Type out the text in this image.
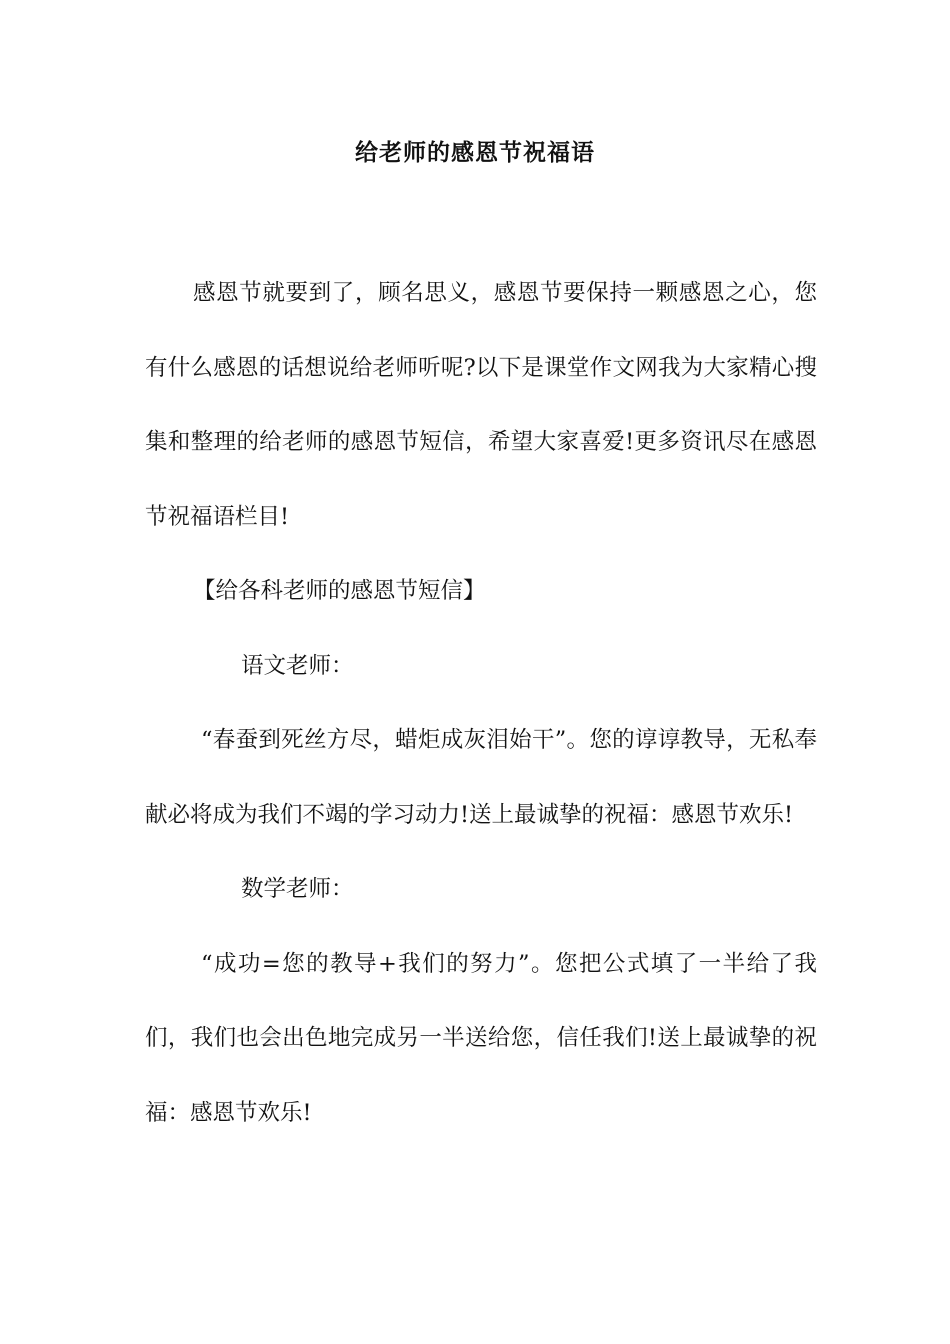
给老师的感恩节祝福语

感恩节就要到了，顾名思义，感恩节要保持一颗感恩之心，您有什么感恩的话想说给老师听呢?以下是课堂作文网我为大家精心搜集和整理的给老师的感恩节短信，希望大家喜爱!更多资讯尽在感恩节祝福语栏目!

【给各科老师的感恩节短信】

语文老师：

“春蚕到死丝方尽，蜡炬成灰泪始干”。您的谆谆教导，无私奉献必将成为我们不竭的学习动力!送上最诚挚的祝福：感恩节欢乐!

数学老师：

“成功=您的教导+我们的努力”。您把公式填了一半给了我们，我们也会出色地完成另一半送给您，信任我们!送上最诚挚的祝福：感恩节欢乐!
